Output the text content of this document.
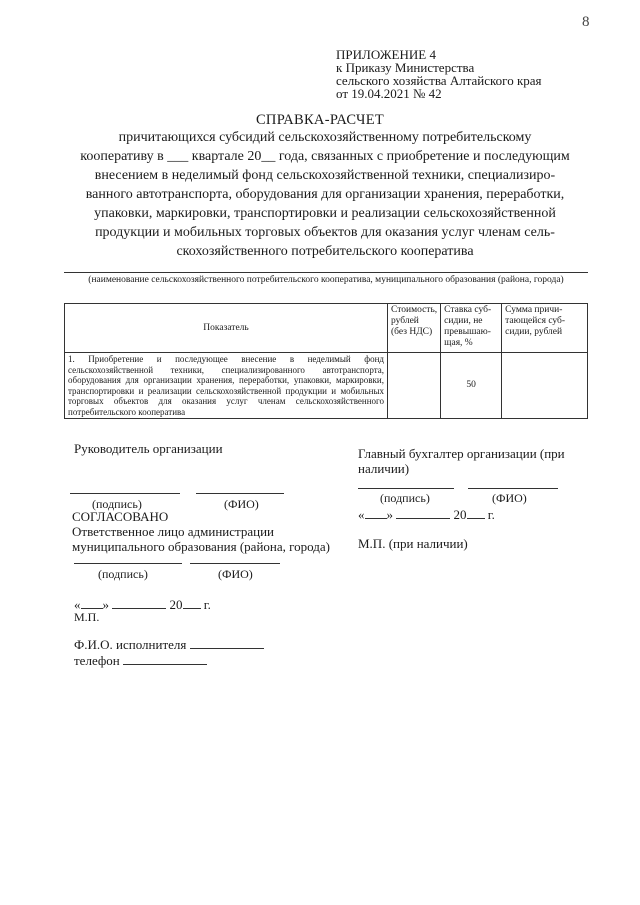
8
ПРИЛОЖЕНИЕ 4
к Приказу Министерства
сельского хозяйства Алтайского края
от 19.04.2021 № 42
СПРАВКА-РАСЧЕТ
причитающихся субсидий сельскохозяйственному потребительскому
кооперативу в ___ квартале 20__ года, связанных с приобретение и последующим
внесением в неделимый фонд сельскохозяйственной техники, специализиро-
ванного автотранспорта, оборудования для организации хранения, переработки,
упаковки, маркировки, транспортировки и реализации сельскохозяйственной
продукции и мобильных торговых объектов для оказания услуг членам сель-
скохозяйственного потребительского кооператива
(наименование сельскохозяйственного потребительского кооператива, муниципального образования (района, города)
Показатель	Стоимость, рублей (без НДС)	Ставка суб-сидии, не превышаю-щая, %	Сумма причи-тающейся суб-сидии, рублей
1. Приобретение и последующее внесение в неделимый фонд сельскохозяйственной техники, специализированного автотранспорта, оборудования для организации хранения, переработки, упаковки, маркировки, транспортировки и реализации сельскохозяйственной продукции и мобильных торговых объектов для оказания услуг членам сельскохозяйственного потребительского кооператива		50	
Руководитель организации
(подпись)	(ФИО)
СОГЛАСОВАНО
Ответственное лицо администрации
муниципального образования (района, города)
(подпись)	(ФИО)
« »	20 г.
М.П.
Ф.И.О. исполнителя
телефон
Главный бухгалтер организации (при
наличии)
(подпись)	(ФИО)
« »	20 г.
М.П. (при наличии)
